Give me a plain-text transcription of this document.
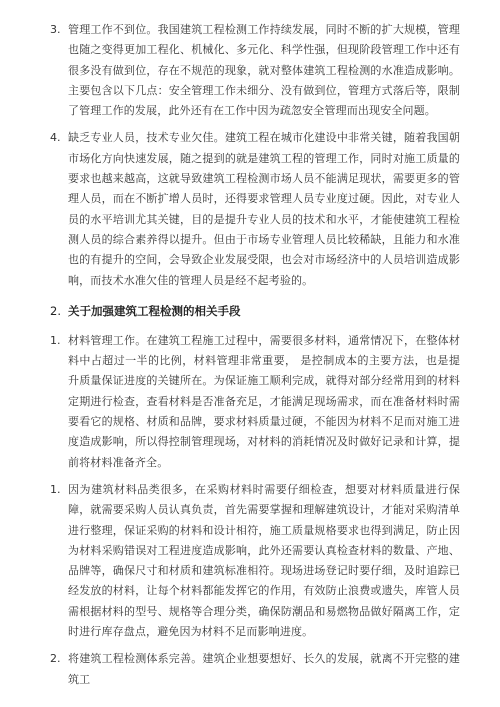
3. 管理工作不到位。我国建筑工程检测工作持续发展，同时不断的扩大规模，管理也随之变得更加工程化、机械化、多元化、科学性强，但现阶段管理工作中还有很多没有做到位，存在不规范的现象，就对整体建筑工程检测的水准造成影响。主要包含以下几点：安全管理工作未细分、没有做到位，管理方式落后等，限制了管理工作的发展，此外还有在工作中因为疏忽安全管理而出现安全问题。
4. 缺乏专业人员，技术专业欠佳。建筑工程在城市化建设中非常关键，随着我国朝市场化方向快速发展，随之提到的就是建筑工程的管理工作，同时对施工质量的要求也越来越高，这就导致建筑工程检测市场人员不能满足现状，需要更多的管理人员，而在不断扩增人员时，还得要求管理人员专业度过硬。因此，对专业人员的水平培训尤其关键，目的是提升专业人员的技术和水平，才能使建筑工程检测人员的综合素养得以提升。但由于市场专业管理人员比较稀缺，且能力和水准也的有提升的空间，会导致企业发展受限，也会对市场经济中的人员培训造成影响，而技术水准欠佳的管理人员是经不起考验的。
2. 关于加强建筑工程检测的相关手段
1. 材料管理工作。在建筑工程施工过程中，需要很多材料，通常情况下，在整体材料中占超过一半的比例，材料管理非常重要， 是控制成本的主要方法，也是提升质量保证进度的关键所在。为保证施工顺利完成，就得对部分经常用到的材料定期进行检查，查看材料是否准备充足，才能满足现场需求，而在准备材料时需要看它的规格、材质和品牌，要求材料质量过硬，不能因为材料不足而对施工进度造成影响，所以得控制管理现场，对材料的消耗情况及时做好记录和计算，提前将材料准备齐全。
1. 因为建筑材料品类很多，在采购材料时需要仔细检查，想要对材料质量进行保障，就需要采购人员认真负责，首先需要掌握和理解建筑设计，才能对采购清单进行整理，保证采购的材料和设计相符，施工质量规格要求也得到满足，防止因为材料采购错误对工程进度造成影响，此外还需要认真检查材料的数量、产地、品牌等，确保尺寸和材质和建筑标准相符。现场进场登记时要仔细，及时追踪已经发放的材料，让每个材料都能发挥它的作用，有效防止浪费或遗失，库管人员需根据材料的型号、规格等合理分类，确保防潮品和易燃物品做好隔离工作，定时进行库存盘点，避免因为材料不足而影响进度。
2. 将建筑工程检测体系完善。建筑企业想要想好、长久的发展，就离不开完整的建筑工
